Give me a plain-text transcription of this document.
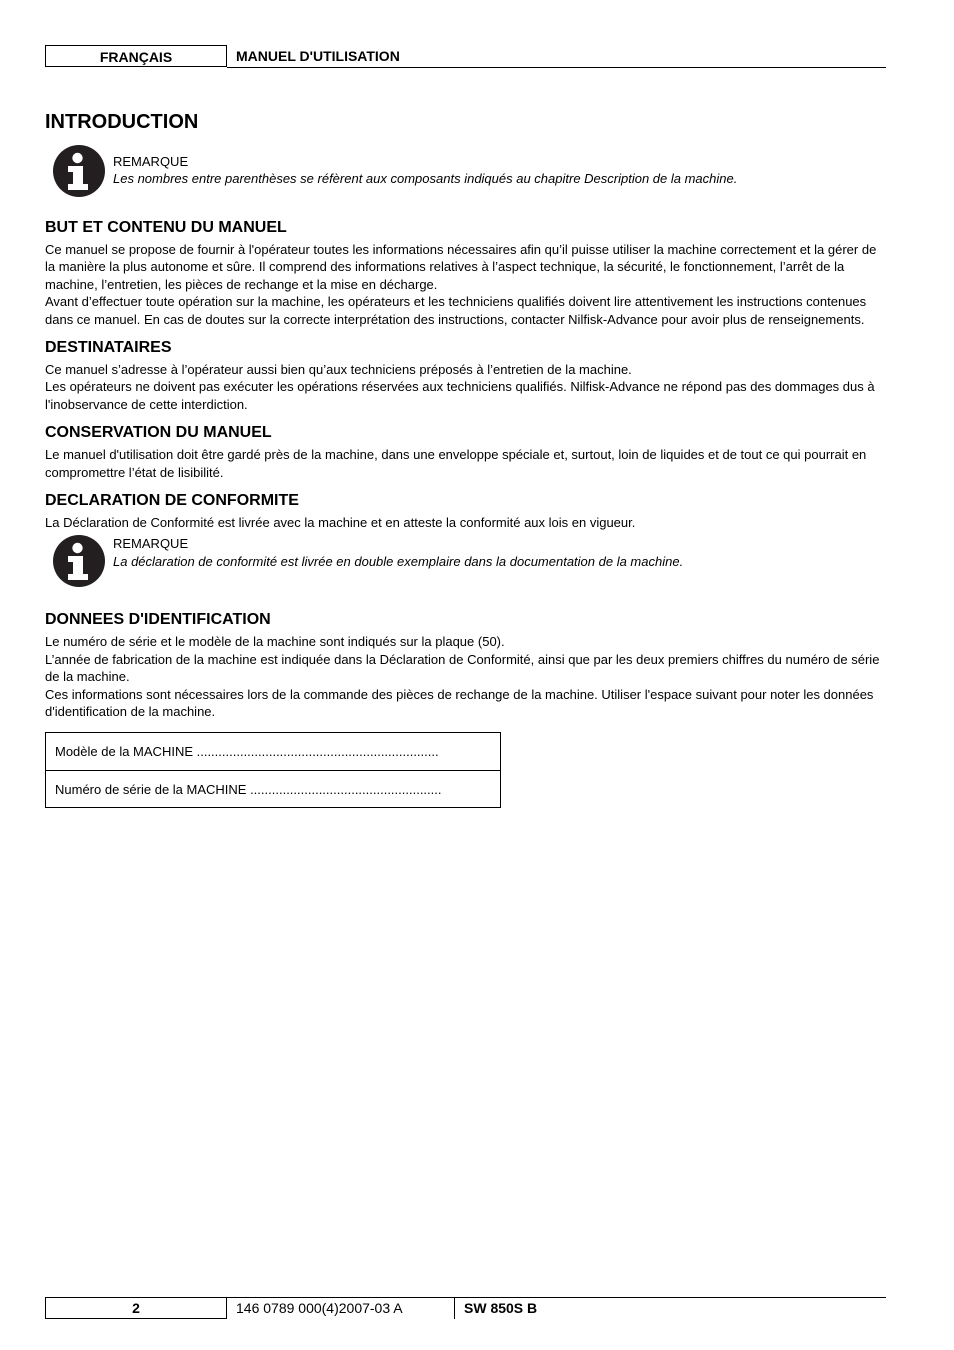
FRANÇAIS	MANUEL D'UTILISATION
INTRODUCTION
REMARQUE
Les nombres entre parenthèses se réfèrent aux composants indiqués au chapitre Description de la machine.
BUT ET CONTENU DU MANUEL

Ce manuel se propose de fournir à l'opérateur toutes les informations nécessaires afin qu’il puisse utiliser la machine correctement et la gérer de la manière la plus autonome et sûre. Il comprend des informations relatives à l’aspect technique, la sécurité, le fonctionnement, l’arrêt de la machine, l’entretien, les pièces de rechange et la mise en décharge.

Avant d’effectuer toute opération sur la machine, les opérateurs et les techniciens qualifiés doivent lire attentivement les instructions contenues dans ce manuel. En cas de doutes sur la correcte interprétation des instructions, contacter Nilfisk-Advance pour avoir plus de renseignements.

DESTINATAIRES

Ce manuel s’adresse à l’opérateur aussi bien qu’aux techniciens préposés à l’entretien de la machine.

Les opérateurs ne doivent pas exécuter les opérations réservées aux techniciens qualifiés. Nilfisk-Advance ne répond pas des dommages dus à l'inobservance de cette interdiction.

CONSERVATION DU MANUEL

Le manuel d'utilisation doit être gardé près de la machine, dans une enveloppe spéciale et, surtout, loin de liquides et de tout ce qui pourrait en compromettre l’état de lisibilité.

DECLARATION DE CONFORMITE

La Déclaration de Conformité est livrée avec la machine et en atteste la conformité aux lois en vigueur.

REMARQUE
La déclaration de conformité est livrée en double exemplaire dans la documentation de la machine.
DONNEES D'IDENTIFICATION

Le numéro de série et le modèle de la machine sont indiqués sur la plaque (50).

L’année de fabrication de la machine est indiquée dans la Déclaration de Conformité, ainsi que par les deux premiers chiffres du numéro de série de la machine.

Ces informations sont nécessaires lors de la commande des pièces de rechange de la machine. Utiliser l'espace suivant pour noter les données d'identification de la machine.

Modèle de la MACHINE ...................................................................
Numéro de série de la MACHINE .....................................................
2	146 0789 000(4)2007-03 A	SW 850S B
